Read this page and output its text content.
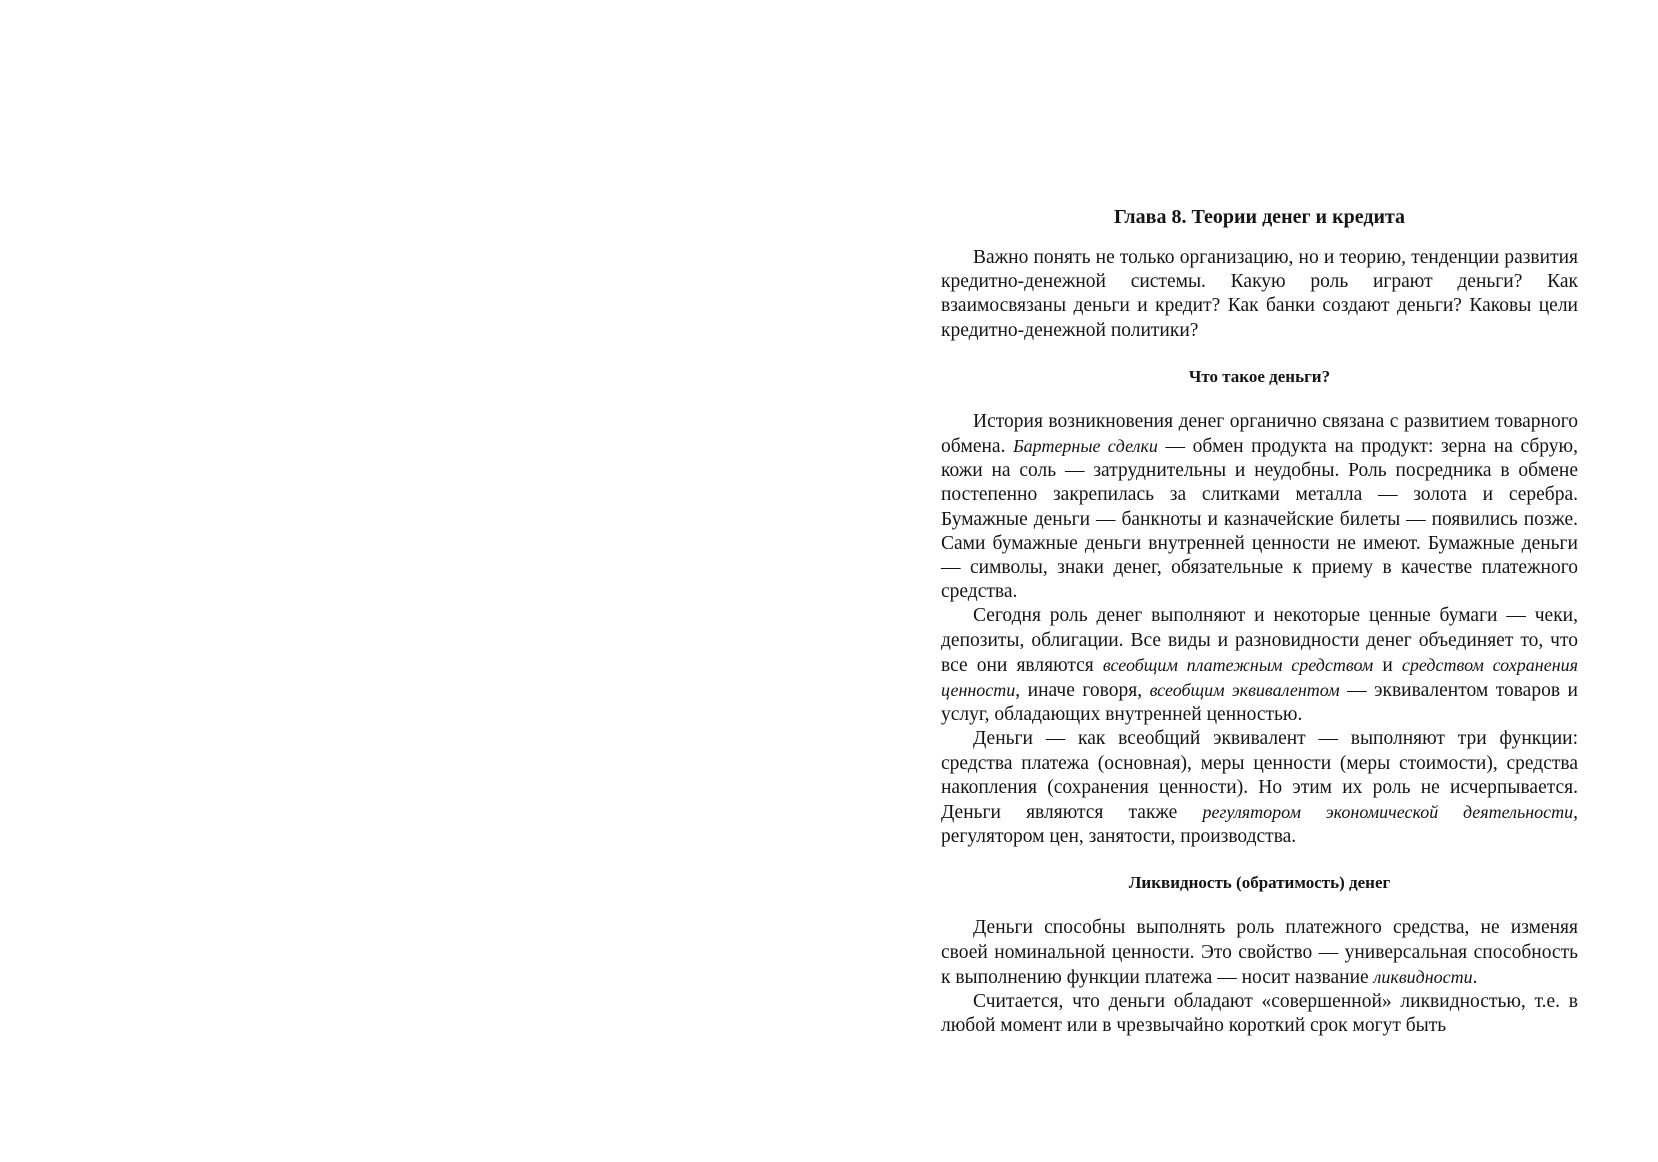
Глава 8. Теории денег и кредита

Важно понять не только организацию, но и теорию, тенденции развития кредитно-денежной системы. Какую роль играют деньги? Как взаимосвязаны деньги и кредит? Как банки создают деньги? Каковы цели кредитно-денежной политики?

Что такое деньги?

История возникновения денег органично связана с развитием товарного обмена. Бартерные сделки — обмен продукта на продукт: зерна на сбрую, кожи на соль — затруднительны и неудобны. Роль посредника в обмене постепенно закрепилась за слитками металла — золота и серебра. Бумажные деньги — банкноты и казначейские билеты — появились позже. Сами бумажные деньги внутренней ценности не имеют. Бумажные деньги — символы, знаки денег, обязательные к приему в качестве платежного средства.

Сегодня роль денег выполняют и некоторые ценные бумаги — чеки, депозиты, облигации. Все виды и разновидности денег объединяет то, что все они являются всеобщим платежным средством и средством сохранения ценности, иначе говоря, всеобщим эквивалентом — эквивалентом товаров и услуг, обладающих внутренней ценностью.

Деньги — как всеобщий эквивалент — выполняют три функции: средства платежа (основная), меры ценности (меры стоимости), средства накопления (сохранения ценности). Но этим их роль не исчерпывается. Деньги являются также регулятором экономической деятельности, регулятором цен, занятости, производства.

Ликвидность (обратимость) денег

Деньги способны выполнять роль платежного средства, не изменяя своей номинальной ценности. Это свойство — универсальная способность к выполнению функции платежа — носит название ликвидности.

Считается, что деньги обладают «совершенной» ликвидностью, т.е. в любой момент или в чрезвычайно короткий срок могут быть
